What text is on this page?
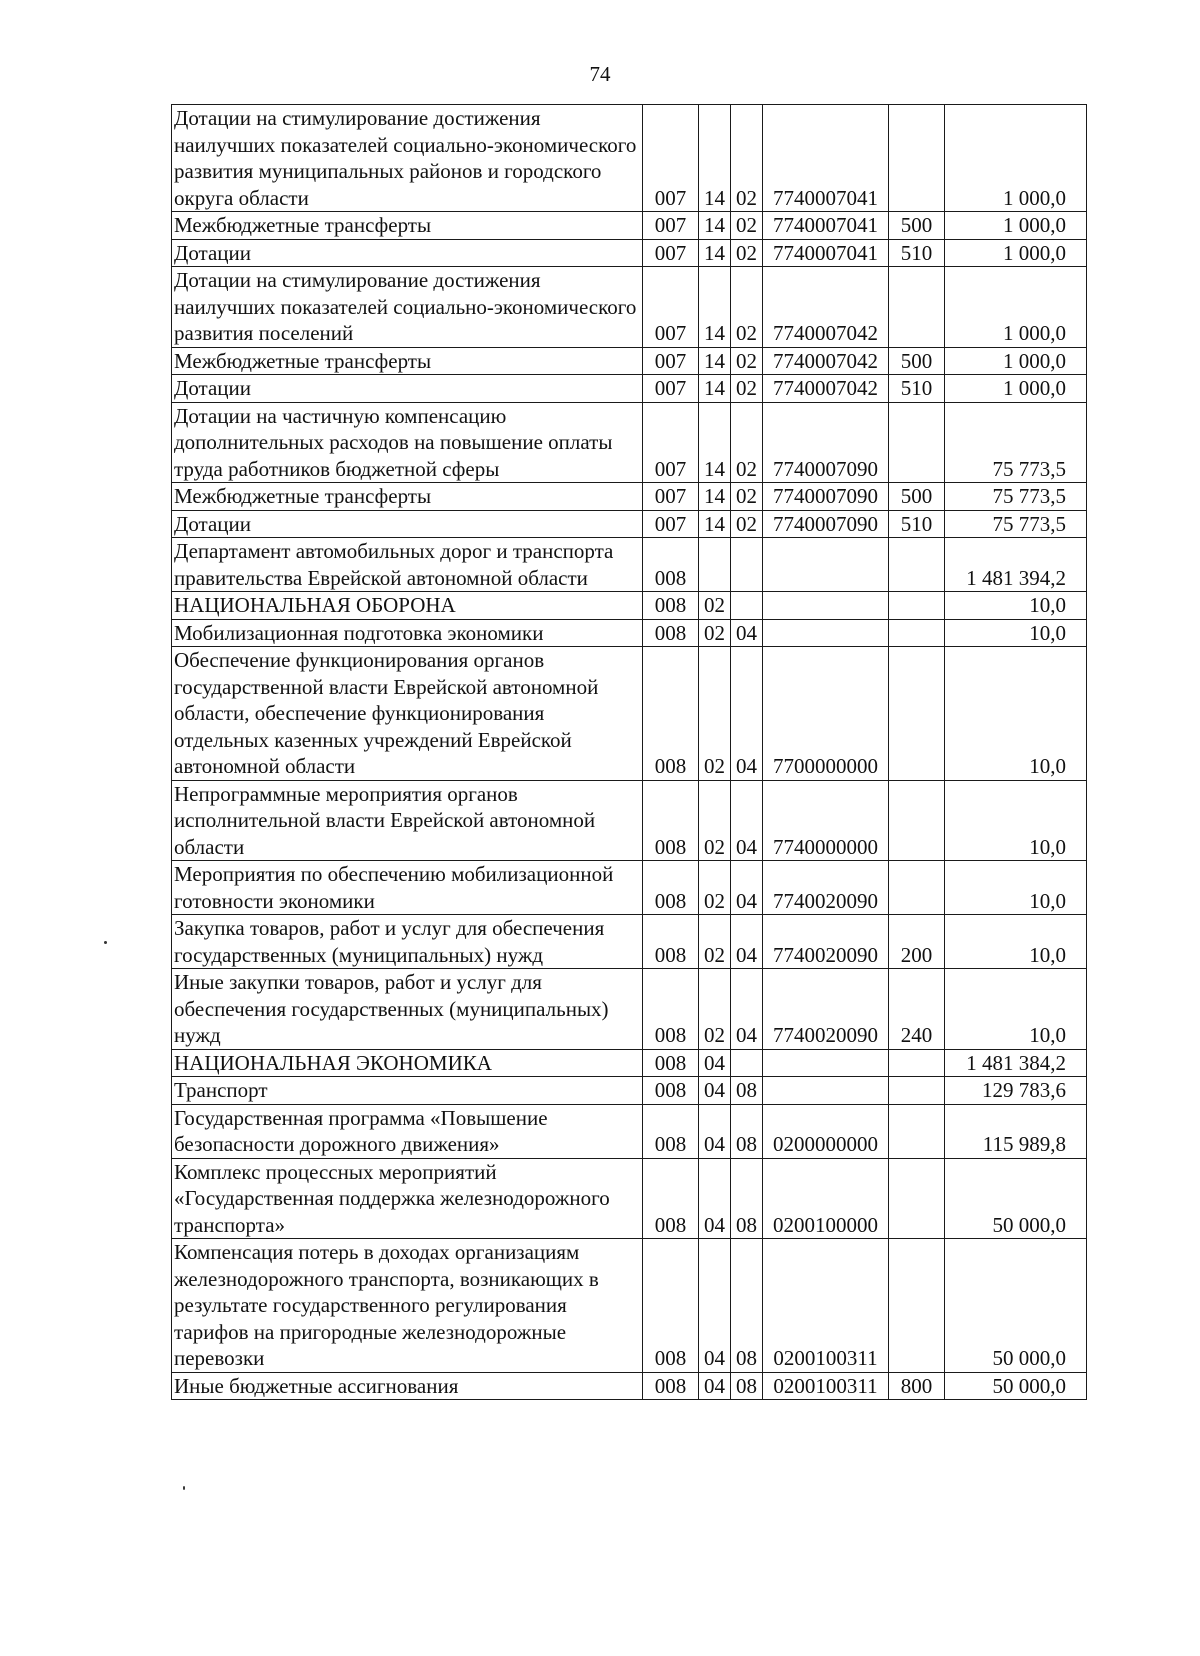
74
Дотации на стимулирование достижения наилучших показателей социально-экономического развития муниципальных районов и городского округа области	007	14	02	7740007041		1 000,0
Межбюджетные трансферты	007	14	02	7740007041	500	1 000,0
Дотации	007	14	02	7740007041	510	1 000,0
Дотации на стимулирование достижения наилучших показателей социально-экономического развития поселений	007	14	02	7740007042		1 000,0
Межбюджетные трансферты	007	14	02	7740007042	500	1 000,0
Дотации	007	14	02	7740007042	510	1 000,0
Дотации на частичную компенсацию дополнительных расходов на повышение оплаты труда работников бюджетной сферы	007	14	02	7740007090		75 773,5
Межбюджетные трансферты	007	14	02	7740007090	500	75 773,5
Дотации	007	14	02	7740007090	510	75 773,5
Департамент автомобильных дорог и транспорта правительства Еврейской автономной области	008					1 481 394,2
НАЦИОНАЛЬНАЯ ОБОРОНА	008	02				10,0
Мобилизационная подготовка экономики	008	02	04			10,0
Обеспечение функционирования органов государственной власти Еврейской автономной области, обеспечение функционирования отдельных казенных учреждений Еврейской автономной области	008	02	04	7700000000		10,0
Непрограммные мероприятия органов исполнительной власти Еврейской автономной области	008	02	04	7740000000		10,0
Мероприятия по обеспечению мобилизационной готовности экономики	008	02	04	7740020090		10,0
Закупка товаров, работ и услуг для обеспечения государственных (муниципальных) нужд	008	02	04	7740020090	200	10,0
Иные закупки товаров, работ и услуг для обеспечения государственных (муниципальных) нужд	008	02	04	7740020090	240	10,0
НАЦИОНАЛЬНАЯ ЭКОНОМИКА	008	04				1 481 384,2
Транспорт	008	04	08			129 783,6
Государственная программа «Повышение безопасности дорожного движения»	008	04	08	0200000000		115 989,8
Комплекс процессных мероприятий «Государственная поддержка железнодорожного транспорта»	008	04	08	0200100000		50 000,0
Компенсация потерь в доходах организациям железнодорожного транспорта, возникающих в результате государственного регулирования тарифов на пригородные железнодорожные перевозки	008	04	08	0200100311		50 000,0
Иные бюджетные ассигнования	008	04	08	0200100311	800	50 000,0
